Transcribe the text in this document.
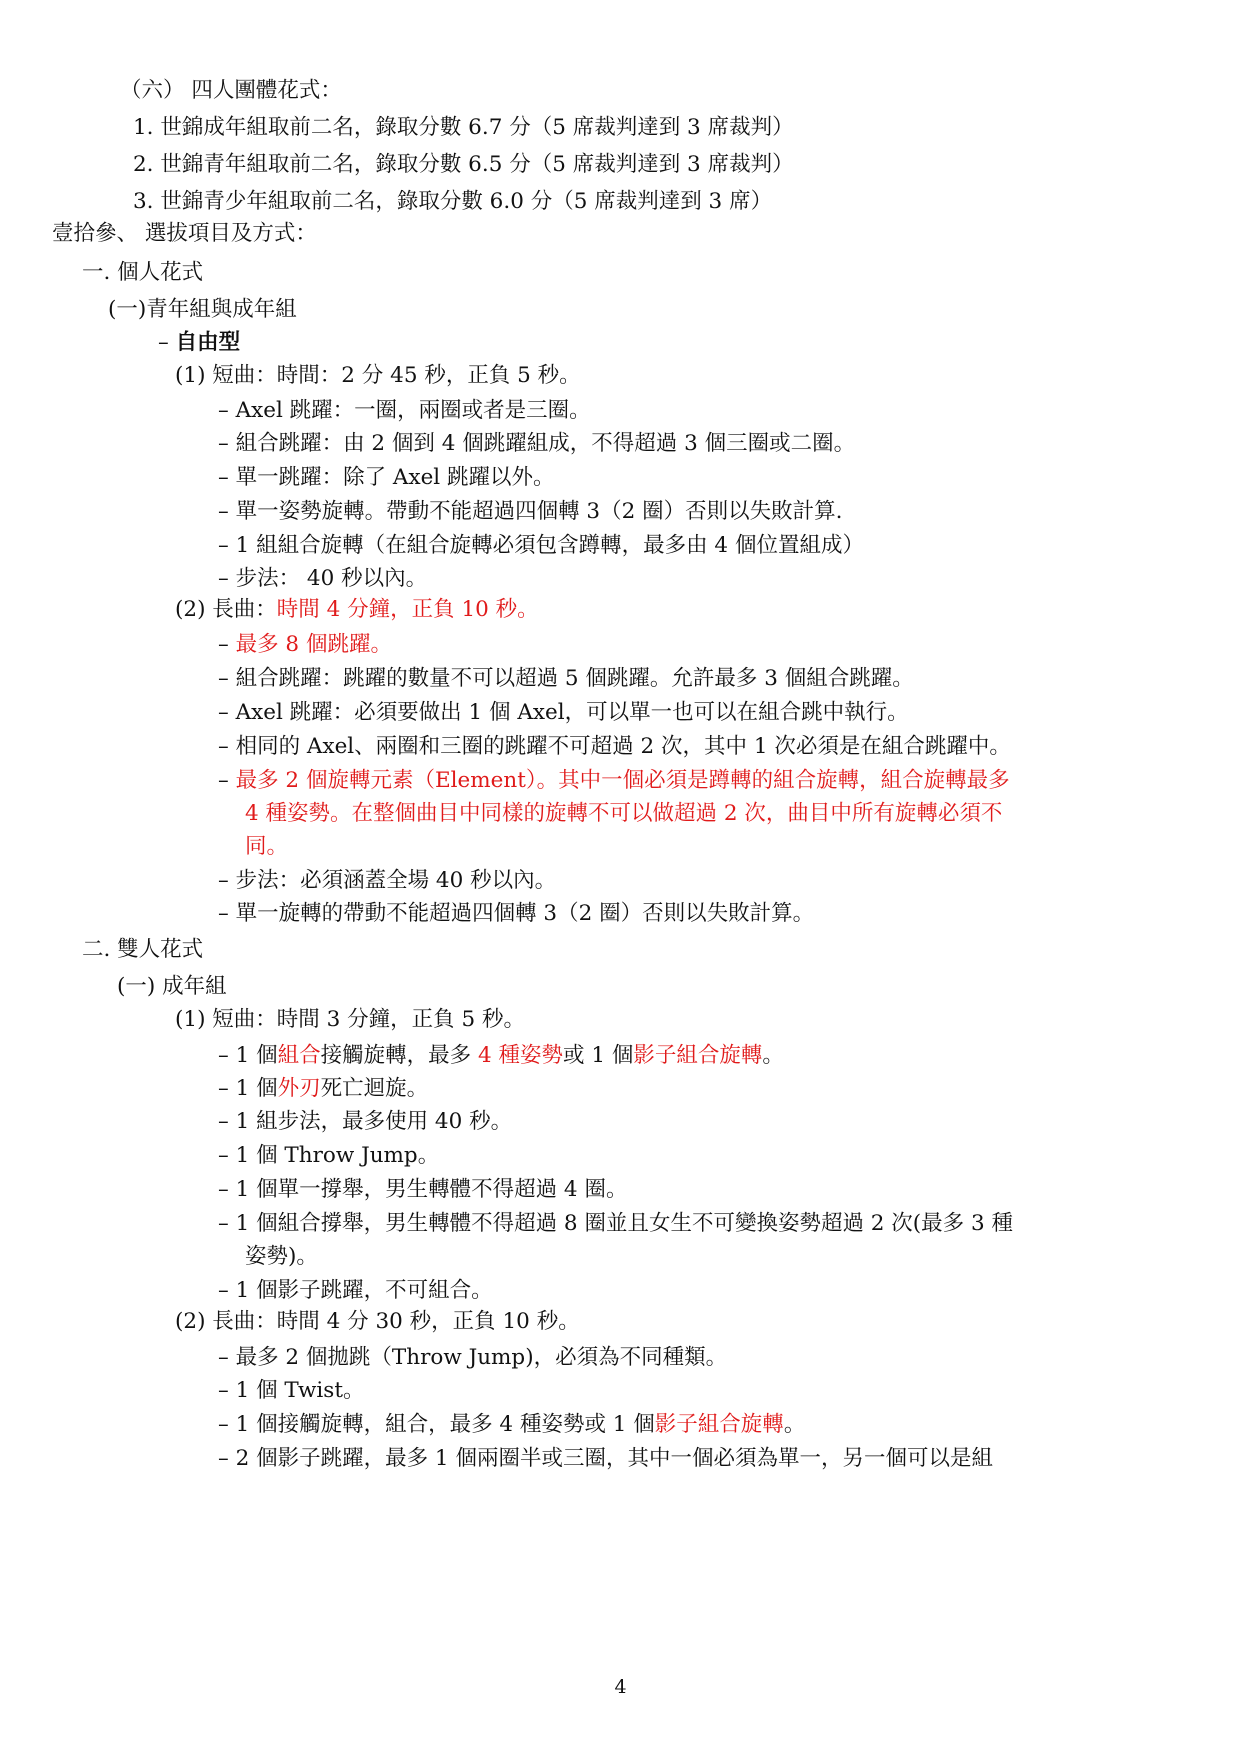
（六） 四人團體花式：
1. 世錦成年組取前二名，錄取分數 6.7 分（5 席裁判達到 3 席裁判）
2. 世錦青年組取前二名，錄取分數 6.5 分（5 席裁判達到 3 席裁判）
3. 世錦青少年組取前二名，錄取分數 6.0 分（5 席裁判達到 3 席）
壹拾參、 選拔項目及方式：
一. 個人花式
(一)青年組與成年組
– 自由型
(1) 短曲：時間：2 分 45 秒，正負 5 秒。
– Axel 跳躍：一圈，兩圈或者是三圈。
– 組合跳躍：由 2 個到 4 個跳躍組成，不得超過 3 個三圈或二圈。
– 單一跳躍：除了 Axel 跳躍以外。
– 單一姿勢旋轉。帶動不能超過四個轉 3（2 圈）否則以失敗計算.
– 1 組組合旋轉（在組合旋轉必須包含蹲轉，最多由 4 個位置組成）
– 步法： 40 秒以內。
(2) 長曲：時間 4 分鐘，正負 10 秒。
– 最多 8 個跳躍。
– 組合跳躍：跳躍的數量不可以超過 5 個跳躍。允許最多 3 個組合跳躍。
– Axel 跳躍：必須要做出 1 個 Axel，可以單一也可以在組合跳中執行。
– 相同的 Axel、兩圈和三圈的跳躍不可超過 2 次，其中 1 次必須是在組合跳躍中。
– 最多 2 個旋轉元素（Element）。其中一個必須是蹲轉的組合旋轉，組合旋轉最多
4 種姿勢。在整個曲目中同樣的旋轉不可以做超過 2 次，曲目中所有旋轉必須不
同。
– 步法：必須涵蓋全場 40 秒以內。
– 單一旋轉的帶動不能超過四個轉 3（2 圈）否則以失敗計算。
二. 雙人花式
(一) 成年組
(1) 短曲：時間 3 分鐘，正負 5 秒。
– 1 個組合接觸旋轉，最多 4 種姿勢或 1 個影子組合旋轉。
– 1 個外刃死亡迴旋。
– 1 組步法，最多使用 40 秒。
– 1 個 Throw Jump。
– 1 個單一撐舉，男生轉體不得超過 4 圈。
– 1 個組合撐舉，男生轉體不得超過 8 圈並且女生不可變換姿勢超過 2 次(最多 3 種
姿勢)。
– 1 個影子跳躍，不可組合。
(2) 長曲：時間 4 分 30 秒，正負 10 秒。
– 最多 2 個拋跳（Throw Jump)，必須為不同種類。
– 1 個 Twist。
– 1 個接觸旋轉，組合，最多 4 種姿勢或 1 個影子組合旋轉。
– 2 個影子跳躍，最多 1 個兩圈半或三圈，其中一個必須為單一，另一個可以是組
4
